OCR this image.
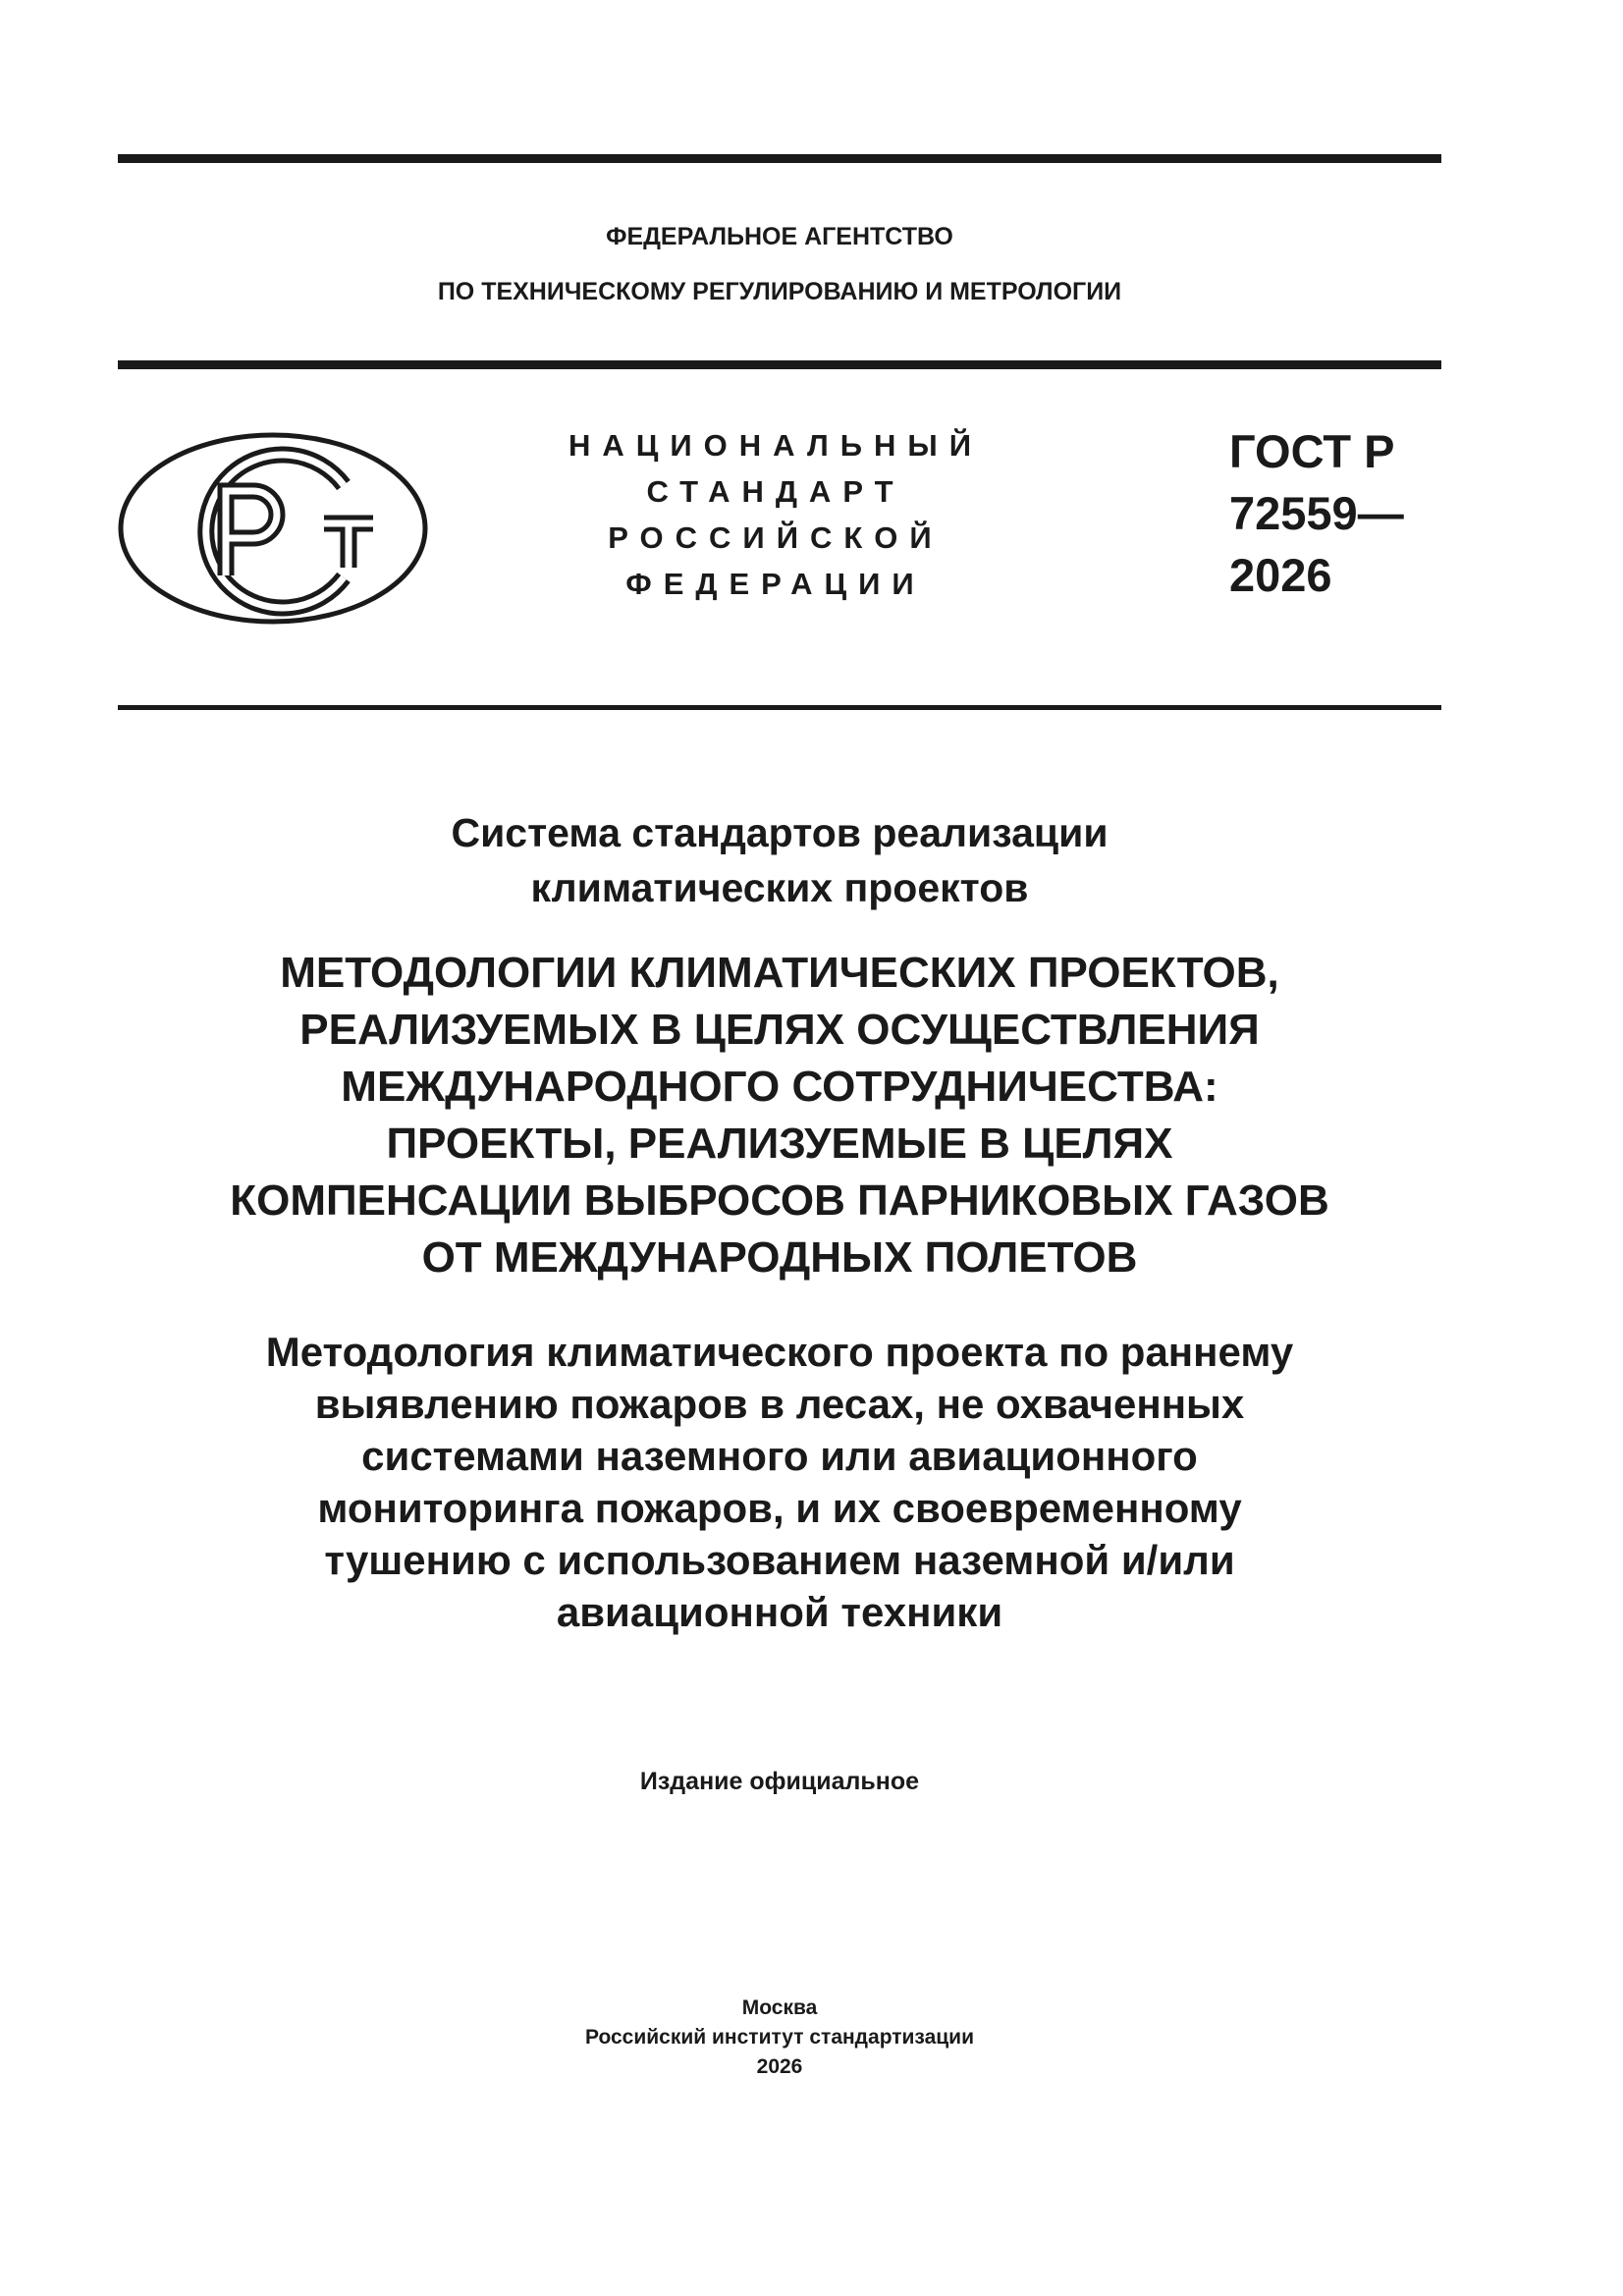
ФЕДЕРАЛЬНОЕ АГЕНТСТВО
ПО ТЕХНИЧЕСКОМУ РЕГУЛИРОВАНИЮ И МЕТРОЛОГИИ
НАЦИОНАЛЬНЫЙ
СТАНДАРТ
РОССИЙСКОЙ
ФЕДЕРАЦИИ
ГОСТ Р
72559—
2026
Система стандартов реализации
климатических проектов
МЕТОДОЛОГИИ КЛИМАТИЧЕСКИХ ПРОЕКТОВ,
РЕАЛИЗУЕМЫХ В ЦЕЛЯХ ОСУЩЕСТВЛЕНИЯ
МЕЖДУНАРОДНОГО СОТРУДНИЧЕСТВА:
ПРОЕКТЫ, РЕАЛИЗУЕМЫЕ В ЦЕЛЯХ
КОМПЕНСАЦИИ ВЫБРОСОВ ПАРНИКОВЫХ ГАЗОВ
ОТ МЕЖДУНАРОДНЫХ ПОЛЕТОВ
Методология климатического проекта по раннему
выявлению пожаров в лесах, не охваченных
системами наземного или авиационного
мониторинга пожаров, и их своевременному
тушению с использованием наземной и/или
авиационной техники
Издание официальное
Москва
Российский институт стандартизации
2026
